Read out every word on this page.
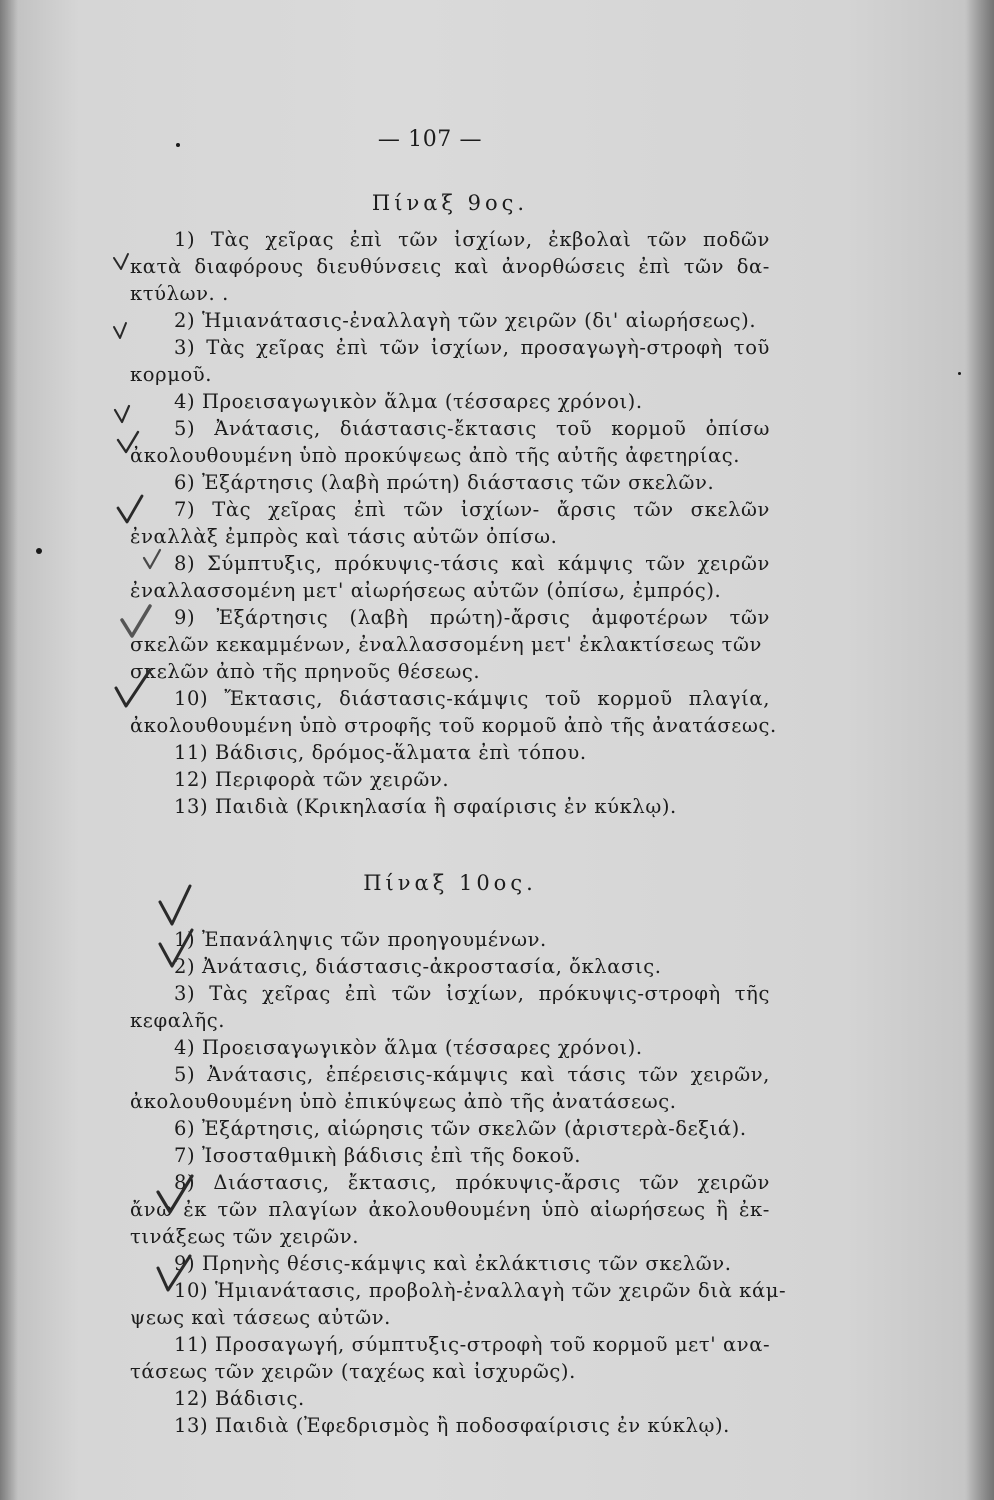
— 107 —
Πίναξ 9ος.
1) Τὰς χεῖρας ἐπὶ τῶν ἰσχίων, ἐκβολαὶ τῶν ποδῶν
κατὰ διαφόρους διευθύνσεις καὶ ἀνορθώσεις ἐπὶ τῶν δα-
κτύλων. .
2) Ἡμιανάτασις-ἐναλλαγὴ τῶν χειρῶν (δι' αἰωρήσεως).
3) Τὰς χεῖρας ἐπὶ τῶν ἰσχίων, προσαγωγὴ-στροφὴ τοῦ
κορμοῦ.
4) Προεισαγωγικὸν ἅλμα (τέσσαρες χρόνοι).
5) Ἀνάτασις, διάστασις-ἔκτασις τοῦ κορμοῦ ὀπίσω
ἀκολουθουμένη ὑπὸ προκύψεως ἀπὸ τῆς αὐτῆς ἀφετηρίας.
6) Ἐξάρτησις (λαβὴ πρώτη) διάστασις τῶν σκελῶν.
7) Τὰς χεῖρας ἐπὶ τῶν ἰσχίων- ἄρσις τῶν σκελῶν
ἐναλλὰξ ἐμπρὸς καὶ τάσις αὐτῶν ὀπίσω.
8) Σύμπτυξις, πρόκυψις-τάσις καὶ κάμψις τῶν χειρῶν
ἐναλλασσομένη μετ' αἰωρήσεως αὐτῶν (ὀπίσω, ἐμπρός).
9) Ἐξάρτησις (λαβὴ πρώτη)-ἄρσις ἀμφοτέρων τῶν
σκελῶν κεκαμμένων, ἐναλλασσομένη μετ' ἐκλακτίσεως τῶν
σκελῶν ἀπὸ τῆς πρηνοῦς θέσεως.
10) Ἔκτασις, διάστασις-κάμψις τοῦ κορμοῦ πλαγία,
ἀκολουθουμένη ὑπὸ στροφῆς τοῦ κορμοῦ ἀπὸ τῆς ἀνατάσεως.
11) Βάδισις, δρόμος-ἅλματα ἐπὶ τόπου.
12) Περιφορὰ τῶν χειρῶν.
13) Παιδιὰ (Κρικηλασία ἢ σφαίρισις ἐν κύκλῳ).
Πίναξ 10ος.
1) Ἐπανάληψις τῶν προηγουμένων.
2) Ἀνάτασις, διάστασις-ἀκροστασία, ὄκλασις.
3) Τὰς χεῖρας ἐπὶ τῶν ἰσχίων, πρόκυψις-στροφὴ τῆς
κεφαλῆς.
4) Προεισαγωγικὸν ἅλμα (τέσσαρες χρόνοι).
5) Ἀνάτασις, ἐπέρεισις-κάμψις καὶ τάσις τῶν χειρῶν,
ἀκολουθουμένη ὑπὸ ἐπικύψεως ἀπὸ τῆς ἀνατάσεως.
6) Ἐξάρτησις, αἰώρησις τῶν σκελῶν (ἀριστερὰ-δεξιά).
7) Ἰσοσταθμικὴ βάδισις ἐπὶ τῆς δοκοῦ.
8) Διάστασις, ἔκτασις, πρόκυψις-ἄρσις τῶν χειρῶν
ἄνω ἐκ τῶν πλαγίων ἀκολουθουμένη ὑπὸ αἰωρήσεως ἢ ἐκ-
τινάξεως τῶν χειρῶν.
9) Πρηνὴς θέσις-κάμψις καὶ ἐκλάκτισις τῶν σκελῶν.
10) Ἡμιανάτασις, προβολὴ-ἐναλλαγὴ τῶν χειρῶν διὰ κάμ-
ψεως καὶ τάσεως αὐτῶν.
11) Προσαγωγή, σύμπτυξις-στροφὴ τοῦ κορμοῦ μετ' ανα-
τάσεως τῶν χειρῶν (ταχέως καὶ ἰσχυρῶς).
12) Βάδισις.
13) Παιδιὰ (Ἐφεδρισμὸς ἢ ποδοσφαίρισις ἐν κύκλῳ).
